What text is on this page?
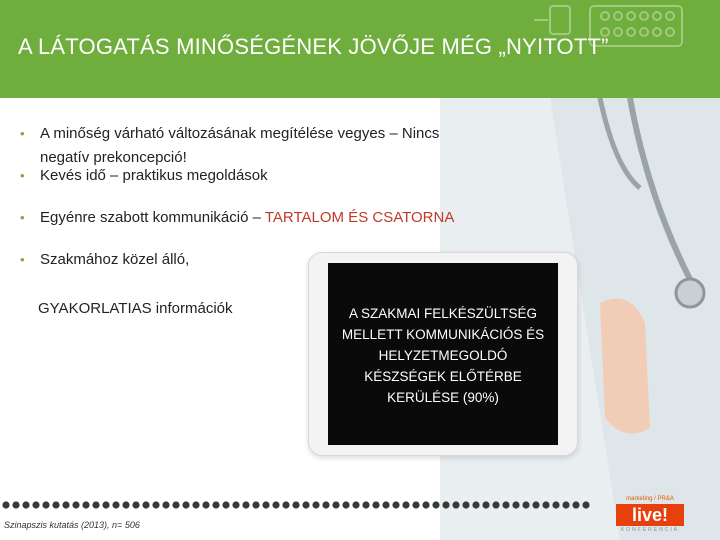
A LÁTOGATÁS MINŐSÉGÉNEK JÖVŐJE MÉG „NYITOTT”
• A minőség várható változásának megítélése vegyes – Nincs negatív prekoncepció!
• Kevés idő – praktikus megoldások
• Egyénre szabott kommunikáció – TARTALOM ÉS CSATORNA
• Szakmához közel álló,
GYAKORLATIAS információk	A SZAKMAI FELKÉSZÜLTSÉG MELLETT KOMMUNIKÁCIÓS ÉS HELYZETMEGOLDÓ KÉSZSÉGEK ELŐTÉRBE KERÜLÉSE (90%)
Szinapszis kutatás (2013), n= 506
marketing / PR&A
live!
KONFERENCIA
